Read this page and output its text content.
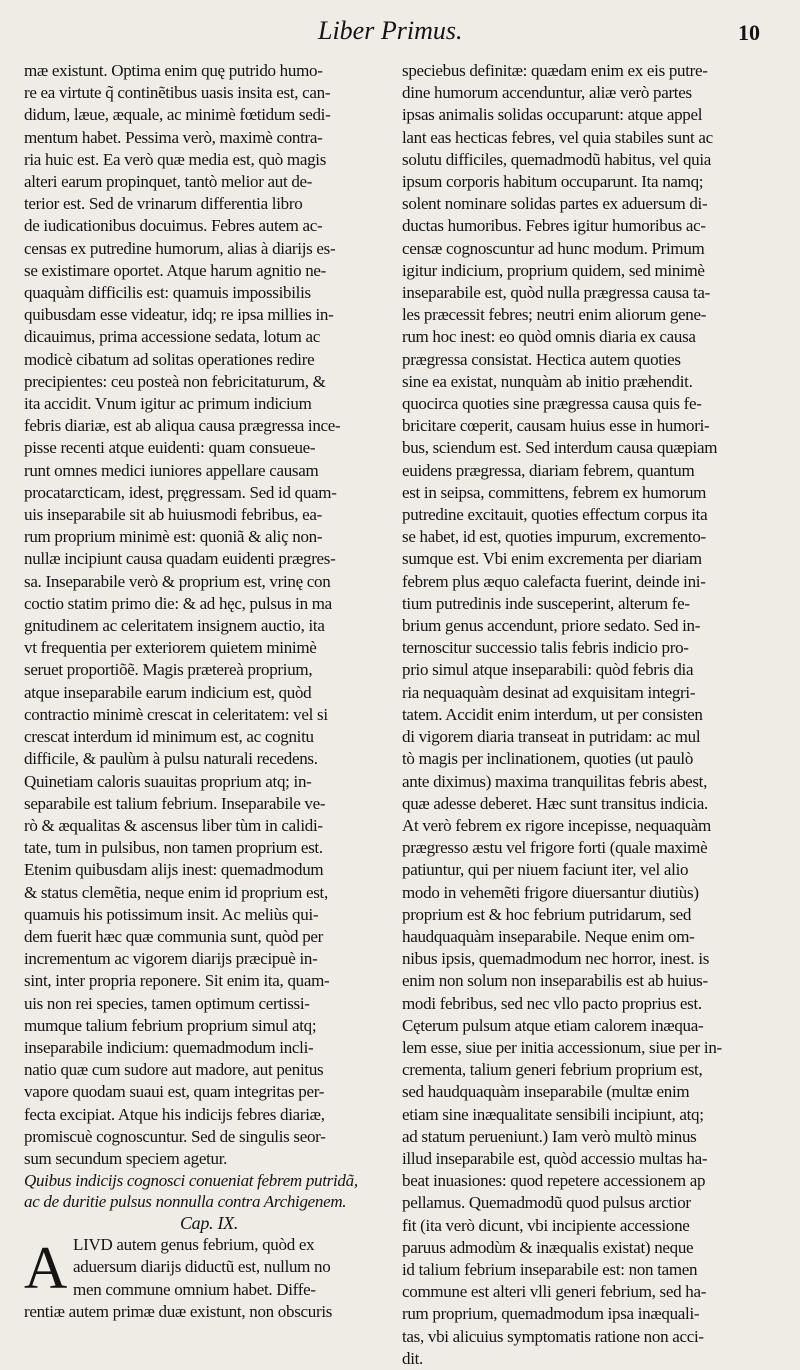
Liber Primus.	10

mæ existunt. Optima enim quę putrido humo-
re ea virtute q̃ continẽtibus uasis insita est, can-
didum, læue, æquale, ac minimè fœtidum sedi-
mentum habet. Pessima verò, maximè contra-
ria huic est. Ea verò quæ media est, quò magis
alteri earum propinquet, tantò melior aut de-
terior est. Sed de vrinarum differentia libro
de iudicationibus docuimus. Febres autem ac-
censas ex putredine humorum, alias à diarijs es-
se existimare oportet. Atque harum agnitio ne-
quaquàm difficilis est: quamuis impossibilis
quibusdam esse videatur, idq; re ipsa millies in-
dicauimus, prima accessione sedata, lotum ac
modicè cibatum ad solitas operationes redire
precipientes: ceu posteà non febricitaturum, &
ita accidit. Vnum igitur ac primum indicium
febris diariæ, est ab aliqua causa prægressa ince-
pisse recenti atque euidenti: quam consueue-
runt omnes medici iuniores appellare causam
procatarcticam, idest, pręgressam. Sed id quam-
uis inseparabile sit ab huiusmodi febribus, ea-
rum proprium minimè est: quoniã & aliç non-
nullæ incipiunt causa quadam euidenti prægres-
sa. Inseparabile verò & proprium est, vrinę con
coctio statim primo die: & ad hęc, pulsus in ma
gnitudinem ac celeritatem insignem auctio, ita
vt frequentia per exteriorem quietem minimè
seruet proportiõẽ. Magis prætereà proprium,
atque inseparabile earum indicium est, quòd
contractio minimè crescat in celeritatem: vel si
crescat interdum id minimum est, ac cognitu
difficile, & paulùm à pulsu naturali recedens.
Quinetiam caloris suauitas proprium atq; in-
separabile est talium febrium. Inseparabile ve-
rò & æqualitas & ascensus liber tùm in calidi-
tate, tum in pulsibus, non tamen proprium est.
Etenim quibusdam alijs inest: quemadmodum
& status clemẽtia, neque enim id proprium est,
quamuis his potissimum insit. Ac meliùs qui-
dem fuerit hæc quæ communia sunt, quòd per
incrementum ac vigorem diarijs præcipuè in-
sint, inter propria reponere. Sit enim ita, quam-
uis non rei species, tamen optimum certissi-
mumque talium febrium proprium simul atq;
inseparabile indicium: quemadmodum incli-
natio quæ cum sudore aut madore, aut penitus
vapore quodam suaui est, quam integritas per-
fecta excipiat. Atque his indicijs febres diariæ,
promiscuè cognoscuntur. Sed de singulis seor-
sum secundum speciem agetur.

Quibus indicijs cognosci conueniat febrem putridã,
ac de duritie pulsus nonnulla contra Archigenem.

Cap. IX.

A LIVD autem genus febrium, quòd ex
aduersum diarijs diductũ est, nullum no
men commune omnium habet. Diffe-
rentiæ autem primæ duæ existunt, non obscuris

speciebus definitæ: quædam enim ex eis putre-
dine humorum accenduntur, aliæ verò partes
ipsas animalis solidas occuparunt: atque appel
lant eas hecticas febres, vel quia stabiles sunt ac
solutu difficiles, quemadmodũ habitus, vel quia
ipsum corporis habitum occuparunt. Ita namq;
solent nominare solidas partes ex aduersum di-
ductas humoribus. Febres igitur humoribus ac-
censæ cognoscuntur ad hunc modum. Primum
igitur indicium, proprium quidem, sed minimè
inseparabile est, quòd nulla prægressa causa ta-
les præcessit febres; neutri enim aliorum gene-
rum hoc inest: eo quòd omnis diaria ex causa
prægressa consistat. Hectica autem quoties
sine ea existat, nunquàm ab initio præhendit.
quocirca quoties sine prægressa causa quis fe-
bricitare cœperit, causam huius esse in humori-
bus, sciendum est. Sed interdum causa quæpiam
euidens prægressa, diariam febrem, quantum
est in seipsa, committens, febrem ex humorum
putredine excitauit, quoties effectum corpus ita
se habet, id est, quoties impurum, excremento-
sumque est. Vbi enim excrementa per diariam
febrem plus æquo calefacta fuerint, deinde ini-
tium putredinis inde susceperint, alterum fe-
brium genus accendunt, priore sedato. Sed in-
ternoscitur successio talis febris indicio pro-
prio simul atque inseparabili: quòd febris dia
ria nequaquàm desinat ad exquisitam integri-
tatem. Accidit enim interdum, ut per consisten
di vigorem diaria transeat in putridam: ac mul
tò magis per inclinationem, quoties (ut paulò
ante diximus) maxima tranquilitas febris abest,
quæ adesse deberet. Hæc sunt transitus indicia.
At verò febrem ex rigore incepisse, nequaquàm
prægresso æstu vel frigore forti (quale maximè
patiuntur, qui per niuem faciunt iter, vel alio
modo in vehemẽti frigore diuersantur diutiùs)
proprium est & hoc febrium putridarum, sed
haudquaquàm inseparabile. Neque enim om-
nibus ipsis, quemadmodum nec horror, inest. is
enim non solum non inseparabilis est ab huius-
modi febribus, sed nec vllo pacto proprius est.
Cęterum pulsum atque etiam calorem inæqua-
lem esse, siue per initia accessionum, siue per in-
crementa, talium generi febrium proprium est,
sed haudquaquàm inseparabile (multæ enim
etiam sine inæqualitate sensibili incipiunt, atq;
ad statum perueniunt.) Iam verò multò minus
illud inseparabile est, quòd accessio multas ha-
beat inuasiones: quod repetere accessionem ap
pellamus. Quemadmodũ quod pulsus arctior
fit (ita verò dicunt, vbi incipiente accessione
paruus admodùm & inæqualis existat) neque
id talium febrium inseparabile est: non tamen
commune est alteri vlli generi febrium, sed ha-
rum proprium, quemadmodum ipsa inæquali-
tas, vbi alicuius symptomatis ratione non acci-
dit.
